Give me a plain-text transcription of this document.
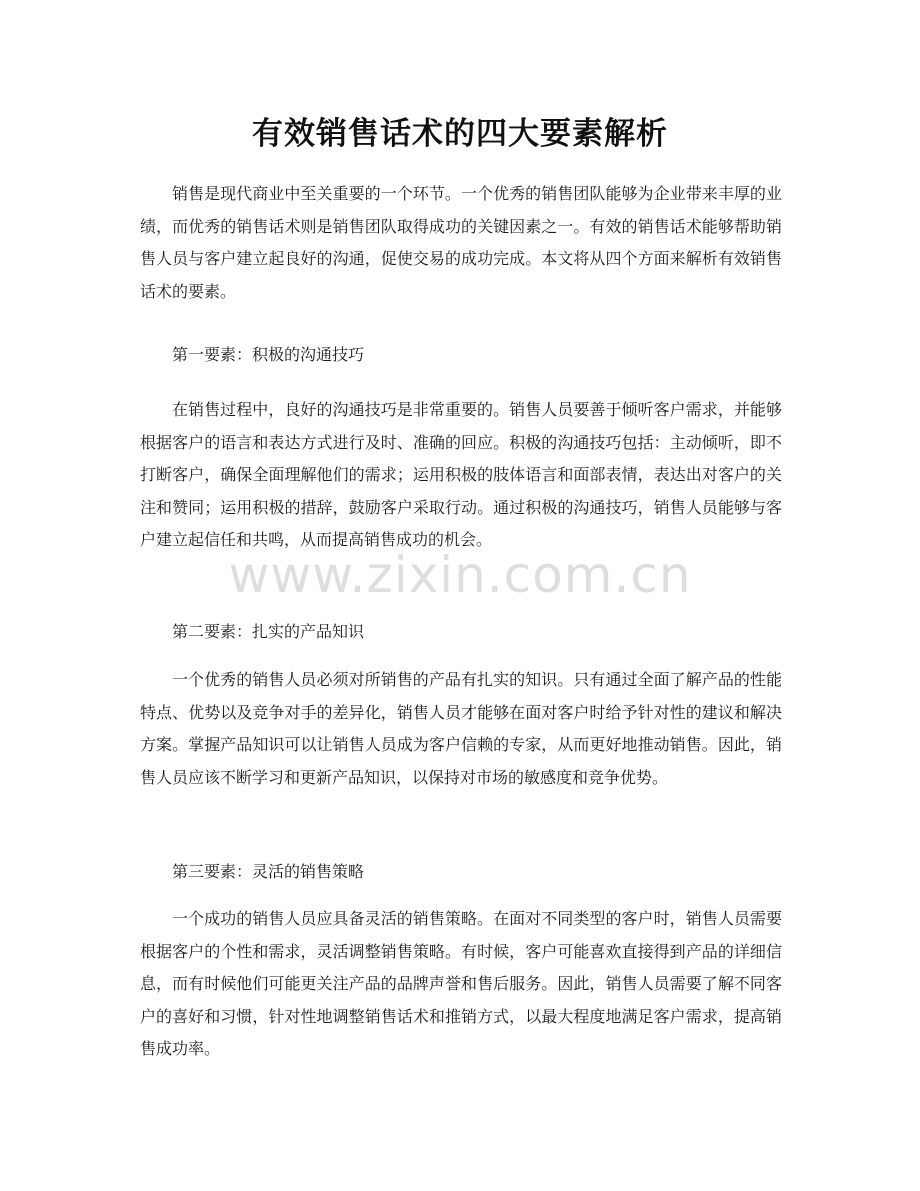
有效销售话术的四大要素解析
销售是现代商业中至关重要的一个环节。一个优秀的销售团队能够为企业带来丰厚的业绩，而优秀的销售话术则是销售团队取得成功的关键因素之一。有效的销售话术能够帮助销售人员与客户建立起良好的沟通，促使交易的成功完成。本文将从四个方面来解析有效销售话术的要素。
第一要素：积极的沟通技巧
在销售过程中，良好的沟通技巧是非常重要的。销售人员要善于倾听客户需求，并能够根据客户的语言和表达方式进行及时、准确的回应。积极的沟通技巧包括：主动倾听，即不打断客户，确保全面理解他们的需求；运用积极的肢体语言和面部表情，表达出对客户的关注和赞同；运用积极的措辞，鼓励客户采取行动。通过积极的沟通技巧，销售人员能够与客户建立起信任和共鸣，从而提高销售成功的机会。
第二要素：扎实的产品知识
一个优秀的销售人员必须对所销售的产品有扎实的知识。只有通过全面了解产品的性能特点、优势以及竞争对手的差异化，销售人员才能够在面对客户时给予针对性的建议和解决方案。掌握产品知识可以让销售人员成为客户信赖的专家，从而更好地推动销售。因此，销售人员应该不断学习和更新产品知识，以保持对市场的敏感度和竞争优势。
第三要素：灵活的销售策略
一个成功的销售人员应具备灵活的销售策略。在面对不同类型的客户时，销售人员需要根据客户的个性和需求，灵活调整销售策略。有时候，客户可能喜欢直接得到产品的详细信息，而有时候他们可能更关注产品的品牌声誉和售后服务。因此，销售人员需要了解不同客户的喜好和习惯，针对性地调整销售话术和推销方式，以最大程度地满足客户需求，提高销售成功率。
www.zixin.com.cn
